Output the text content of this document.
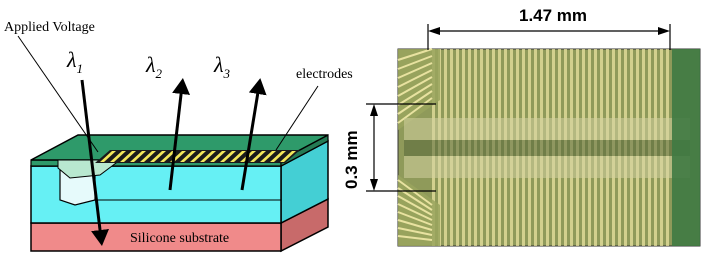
Applied Voltage
$\lambda_1$	$\lambda_2$ $\lambda_3$	electrodes
Silicone substrate
1.47 mm
0.3 mm
